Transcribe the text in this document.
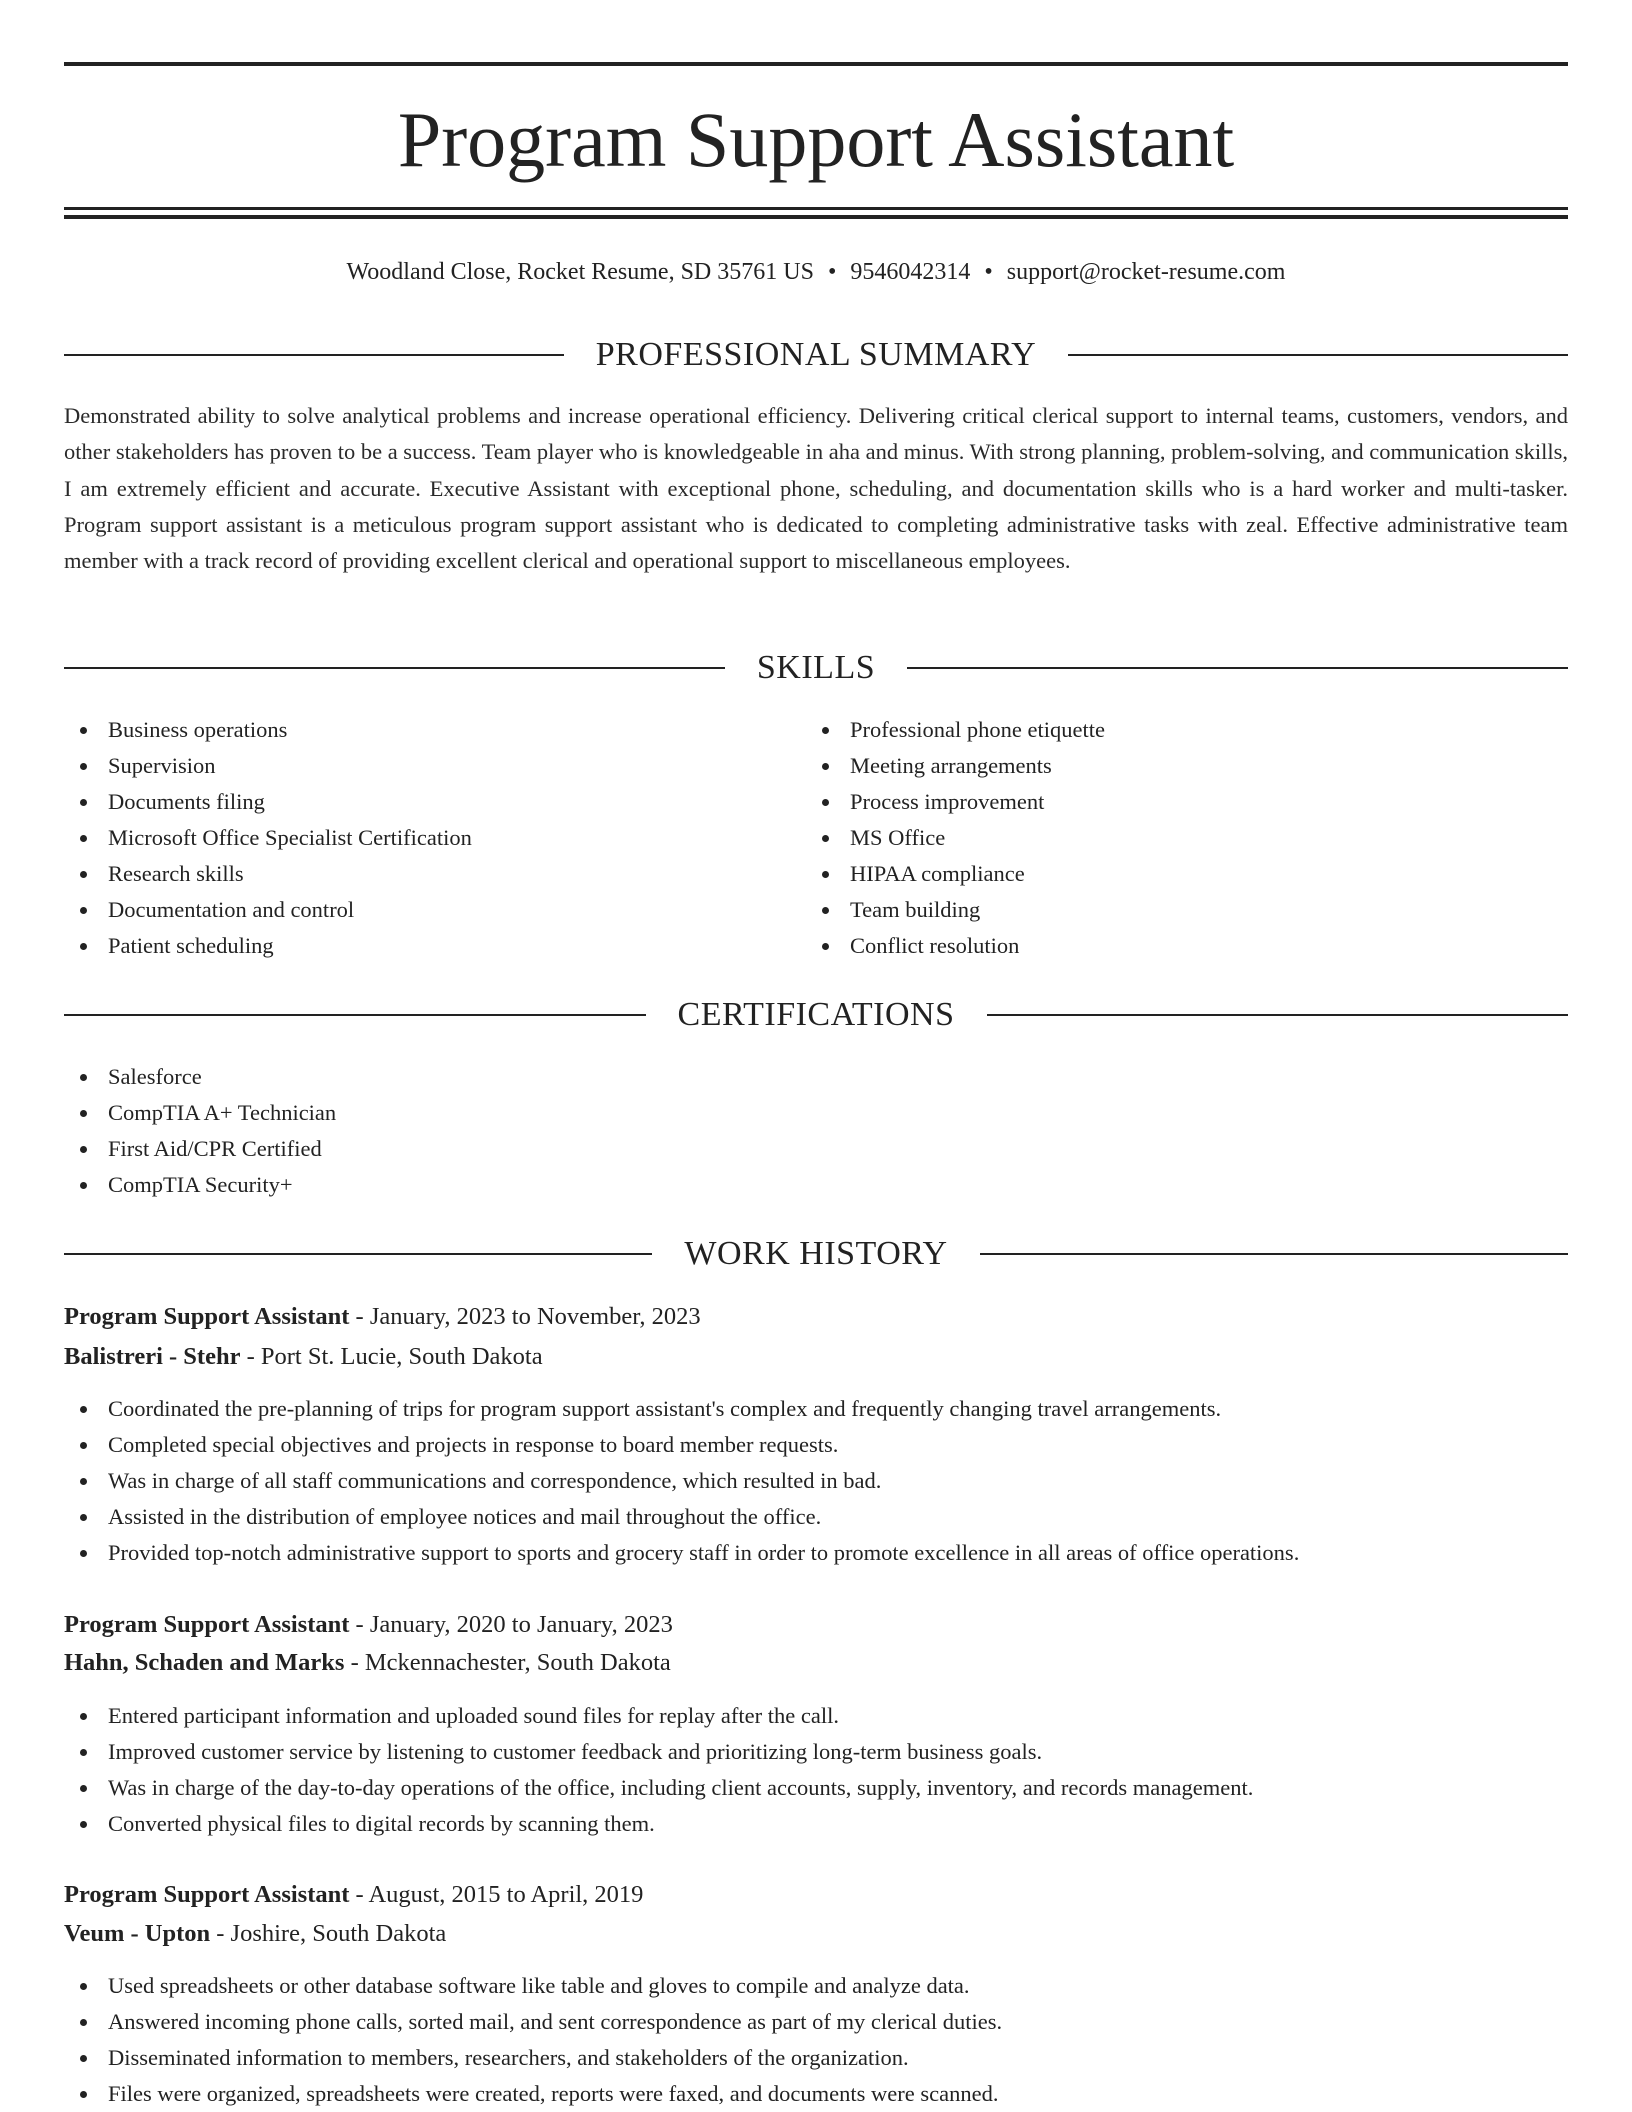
Program Support Assistant
Woodland Close, Rocket Resume, SD 35761 US • 9546042314 • support@rocket-resume.com
PROFESSIONAL SUMMARY
Demonstrated ability to solve analytical problems and increase operational efficiency. Delivering critical clerical support to internal teams, customers, vendors, and other stakeholders has proven to be a success. Team player who is knowledgeable in aha and minus. With strong planning, problem-solving, and communication skills, I am extremely efficient and accurate. Executive Assistant with exceptional phone, scheduling, and documentation skills who is a hard worker and multi-tasker. Program support assistant is a meticulous program support assistant who is dedicated to completing administrative tasks with zeal. Effective administrative team member with a track record of providing excellent clerical and operational support to miscellaneous employees.
SKILLS
Business operations
Supervision
Documents filing
Microsoft Office Specialist Certification
Research skills
Documentation and control
Patient scheduling
Professional phone etiquette
Meeting arrangements
Process improvement
MS Office
HIPAA compliance
Team building
Conflict resolution
CERTIFICATIONS
Salesforce
CompTIA A+ Technician
First Aid/CPR Certified
CompTIA Security+
WORK HISTORY
Program Support Assistant - January, 2023 to November, 2023
Balistreri - Stehr - Port St. Lucie, South Dakota
Coordinated the pre-planning of trips for program support assistant's complex and frequently changing travel arrangements.
Completed special objectives and projects in response to board member requests.
Was in charge of all staff communications and correspondence, which resulted in bad.
Assisted in the distribution of employee notices and mail throughout the office.
Provided top-notch administrative support to sports and grocery staff in order to promote excellence in all areas of office operations.
Program Support Assistant - January, 2020 to January, 2023
Hahn, Schaden and Marks - Mckennachester, South Dakota
Entered participant information and uploaded sound files for replay after the call.
Improved customer service by listening to customer feedback and prioritizing long-term business goals.
Was in charge of the day-to-day operations of the office, including client accounts, supply, inventory, and records management.
Converted physical files to digital records by scanning them.
Program Support Assistant - August, 2015 to April, 2019
Veum - Upton - Joshire, South Dakota
Used spreadsheets or other database software like table and gloves to compile and analyze data.
Answered incoming phone calls, sorted mail, and sent correspondence as part of my clerical duties.
Disseminated information to members, researchers, and stakeholders of the organization.
Files were organized, spreadsheets were created, reports were faxed, and documents were scanned.
